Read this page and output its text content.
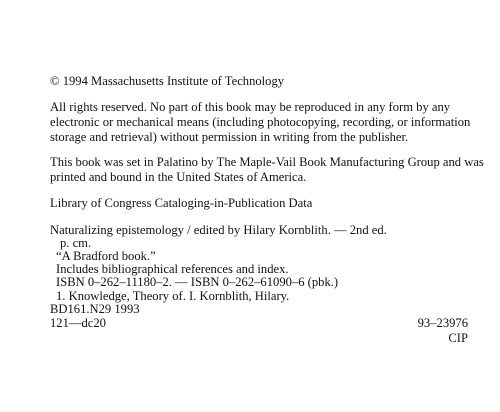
© 1994 Massachusetts Institute of Technology
All rights reserved. No part of this book may be reproduced in any form by any
electronic or mechanical means (including photocopying, recording, or information
storage and retrieval) without permission in writing from the publisher.
This book was set in Palatino by The Maple-Vail Book Manufacturing Group and was
printed and bound in the United States of America.
Library of Congress Cataloging-in-Publication Data
Naturalizing epistemology / edited by Hilary Kornblith. — 2nd ed.
p. cm.
“A Bradford book.”
Includes bibliographical references and index.
ISBN 0–262–11180–2. — ISBN 0–262–61090–6 (pbk.)
1. Knowledge, Theory of. I. Kornblith, Hilary.
BD161.N29 1993
121—dc20	93–23976
CIP
